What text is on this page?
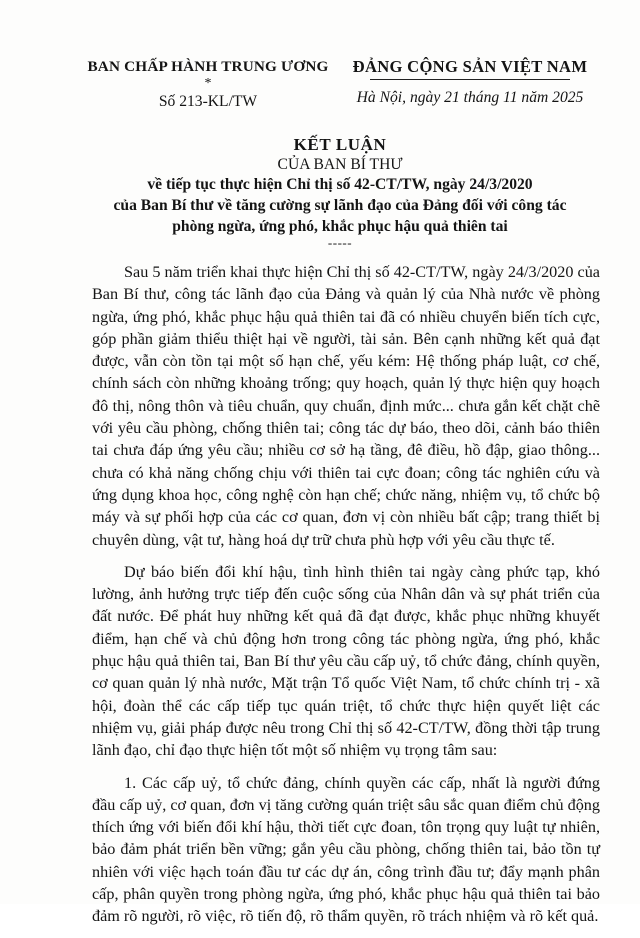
BAN CHẤP HÀNH TRUNG ƯƠNG
*
Số 213-KL/TW
ĐẢNG CỘNG SẢN VIỆT NAM
Hà Nội, ngày 21 tháng 11 năm 2025
KẾT LUẬN
CỦA BAN BÍ THƯ
về tiếp tục thực hiện Chỉ thị số 42-CT/TW, ngày 24/3/2020
của Ban Bí thư về tăng cường sự lãnh đạo của Đảng đối với công tác
phòng ngừa, ứng phó, khắc phục hậu quả thiên tai
-----

Sau 5 năm triển khai thực hiện Chỉ thị số 42-CT/TW, ngày 24/3/2020 của Ban Bí thư, công tác lãnh đạo của Đảng và quản lý của Nhà nước về phòng ngừa, ứng phó, khắc phục hậu quả thiên tai đã có nhiều chuyển biến tích cực, góp phần giảm thiểu thiệt hại về người, tài sản. Bên cạnh những kết quả đạt được, vẫn còn tồn tại một số hạn chế, yếu kém: Hệ thống pháp luật, cơ chế, chính sách còn những khoảng trống; quy hoạch, quản lý thực hiện quy hoạch đô thị, nông thôn và tiêu chuẩn, quy chuẩn, định mức... chưa gắn kết chặt chẽ với yêu cầu phòng, chống thiên tai; công tác dự báo, theo dõi, cảnh báo thiên tai chưa đáp ứng yêu cầu; nhiều cơ sở hạ tầng, đê điều, hồ đập, giao thông... chưa có khả năng chống chịu với thiên tai cực đoan; công tác nghiên cứu và ứng dụng khoa học, công nghệ còn hạn chế; chức năng, nhiệm vụ, tổ chức bộ máy và sự phối hợp của các cơ quan, đơn vị còn nhiều bất cập; trang thiết bị chuyên dùng, vật tư, hàng hoá dự trữ chưa phù hợp với yêu cầu thực tế.

Dự báo biến đổi khí hậu, tình hình thiên tai ngày càng phức tạp, khó lường, ảnh hưởng trực tiếp đến cuộc sống của Nhân dân và sự phát triển của đất nước. Để phát huy những kết quả đã đạt được, khắc phục những khuyết điểm, hạn chế và chủ động hơn trong công tác phòng ngừa, ứng phó, khắc phục hậu quả thiên tai, Ban Bí thư yêu cầu cấp uỷ, tổ chức đảng, chính quyền, cơ quan quản lý nhà nước, Mặt trận Tổ quốc Việt Nam, tổ chức chính trị - xã hội, đoàn thể các cấp tiếp tục quán triệt, tổ chức thực hiện quyết liệt các nhiệm vụ, giải pháp được nêu trong Chỉ thị số 42-CT/TW, đồng thời tập trung lãnh đạo, chỉ đạo thực hiện tốt một số nhiệm vụ trọng tâm sau:

1. Các cấp uỷ, tổ chức đảng, chính quyền các cấp, nhất là người đứng đầu cấp uỷ, cơ quan, đơn vị tăng cường quán triệt sâu sắc quan điểm chủ động thích ứng với biến đổi khí hậu, thời tiết cực đoan, tôn trọng quy luật tự nhiên, bảo đảm phát triển bền vững; gắn yêu cầu phòng, chống thiên tai, bảo tồn tự nhiên với việc hạch toán đầu tư các dự án, công trình đầu tư; đẩy mạnh phân cấp, phân quyền trong phòng ngừa, ứng phó, khắc phục hậu quả thiên tai bảo đảm rõ người, rõ việc, rõ tiến độ, rõ thẩm quyền, rõ trách nhiệm và rõ kết quả.
